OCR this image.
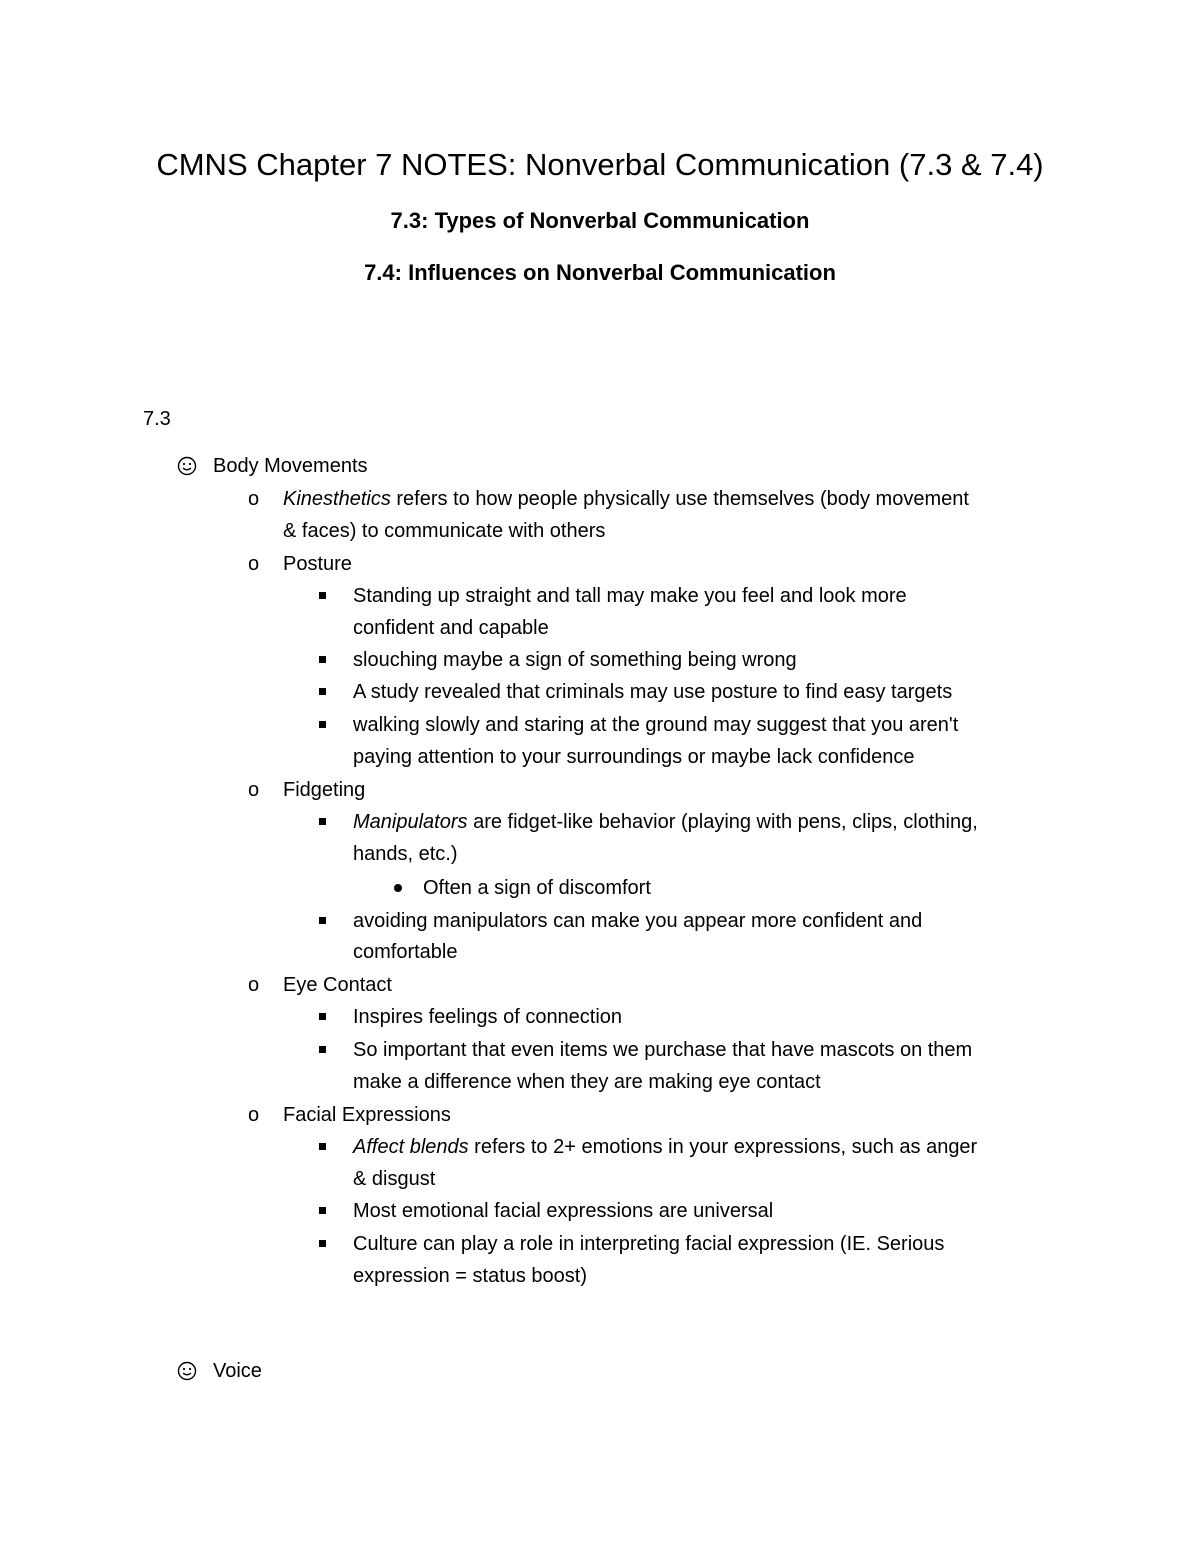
CMNS Chapter 7 NOTES: Nonverbal Communication (7.3 & 7.4)
7.3: Types of Nonverbal Communication
7.4: Influences on Nonverbal Communication
7.3
Body Movements
o Kinesthetics refers to how people physically use themselves (body movement
& faces) to communicate with others
o Posture
Standing up straight and tall may make you feel and look more
confident and capable
slouching maybe a sign of something being wrong
A study revealed that criminals may use posture to find easy targets
walking slowly and staring at the ground may suggest that you aren't
paying attention to your surroundings or maybe lack confidence
o Fidgeting
Manipulators are fidget-like behavior (playing with pens, clips, clothing,
hands, etc.)
Often a sign of discomfort
avoiding manipulators can make you appear more confident and
comfortable
o Eye Contact
Inspires feelings of connection
So important that even items we purchase that have mascots on them
make a difference when they are making eye contact
o Facial Expressions
Affect blends refers to 2+ emotions in your expressions, such as anger
& disgust
Most emotional facial expressions are universal
Culture can play a role in interpreting facial expression (IE. Serious
expression = status boost)
Voice
